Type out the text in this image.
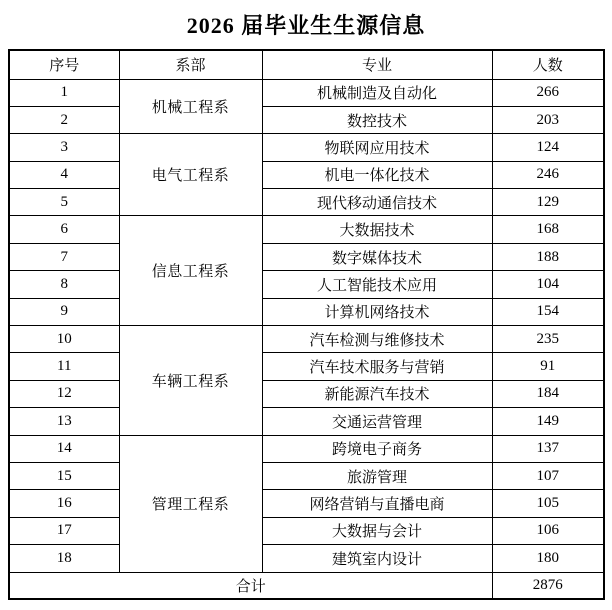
2026 届毕业生生源信息
序号	系部	专业	人数
1	机械工程系	机械制造及自动化	266
2		数控技术	203
3	电气工程系	物联网应用技术	124
4		机电一体化技术	246
5		现代移动通信技术	129
6	信息工程系	大数据技术	168
7		数字媒体技术	188
8		人工智能技术应用	104
9		计算机网络技术	154
10	车辆工程系	汽车检测与维修技术	235
11		汽车技术服务与营销	91
12		新能源汽车技术	184
13		交通运营管理	149
14	管理工程系	跨境电子商务	137
15		旅游管理	107
16		网络营销与直播电商	105
17		大数据与会计	106
18		建筑室内设计	180
合计			2876
